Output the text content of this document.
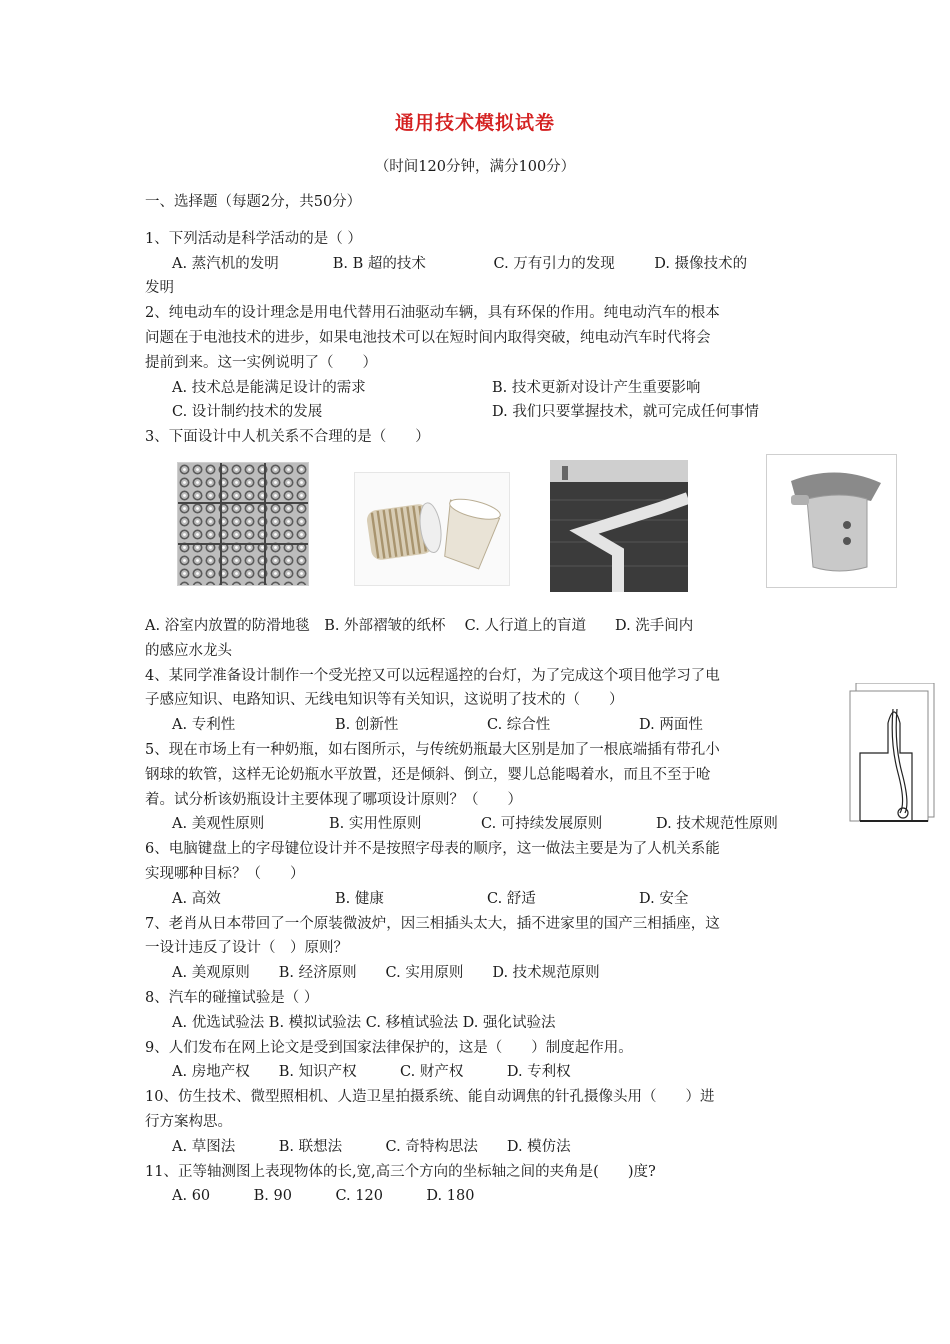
通用技术模拟试卷
（时间120分钟，满分100分）
一、选择题（每题2分，共50分）
1、下列活动是科学活动的是（ ）
A. 蒸汽机的发明	B. B 超的技术	C. 万有引力的发现	D. 摄像技术的
发明
2、纯电动车的设计理念是用电代替用石油驱动车辆，具有环保的作用。纯电动汽车的根本
问题在于电池技术的进步，如果电池技术可以在短时间内取得突破，纯电动汽车时代将会
提前到来。这一实例说明了（　　）
A. 技术总是能满足设计的需求	B. 技术更新对设计产生重要影响
C. 设计制约技术的发展	D. 我们只要掌握技术，就可完成任何事情
3、下面设计中人机关系不合理的是（　　）
A. 浴室内放置的防滑地毯　B. 外部褶皱的纸杯　 C. 人行道上的盲道　　D. 洗手间内
的感应水龙头
4、某同学准备设计制作一个受光控又可以远程遥控的台灯，为了完成这个项目他学习了电
子感应知识、电路知识、无线电知识等有关知识，这说明了技术的（　　）
A. 专利性	B. 创新性	C. 综合性	D. 两面性
5、现在市场上有一种奶瓶，如右图所示，与传统奶瓶最大区别是加了一根底端插有带孔小
钢球的软管，这样无论奶瓶水平放置，还是倾斜、倒立，婴儿总能喝着水，而且不至于呛
着。试分析该奶瓶设计主要体现了哪项设计原则？（　　）
A. 美观性原则	B. 实用性原则	C. 可持续发展原则	D. 技术规范性原则
6、电脑键盘上的字母键位设计并不是按照字母表的顺序，这一做法主要是为了人机关系能
实现哪种目标？（　　）
A. 高效	B. 健康	C. 舒适	D. 安全
7、老肖从日本带回了一个原装微波炉，因三相插头太大，插不进家里的国产三相插座，这
一设计违反了设计（　）原则？
A. 美观原则　　B. 经济原则　　C. 实用原则　　D. 技术规范原则
8、汽车的碰撞试验是（ ）
A. 优选试验法 B. 模拟试验法 C. 移植试验法 D. 强化试验法
9、人们发布在网上论文是受到国家法律保护的，这是（　　）制度起作用。
A. 房地产权　　B. 知识产权　　　C. 财产权　　　D. 专利权
10、仿生技术、微型照相机、人造卫星拍摄系统、能自动调焦的针孔摄像头用（　　）进
行方案构思。
A. 草图法　　　B. 联想法　　　C. 奇特构思法　　D. 模仿法
11、正等轴测图上表现物体的长,宽,高三个方向的坐标轴之间的夹角是(　　)度?
A. 60　　　B. 90　　　C. 120　　　D. 180
